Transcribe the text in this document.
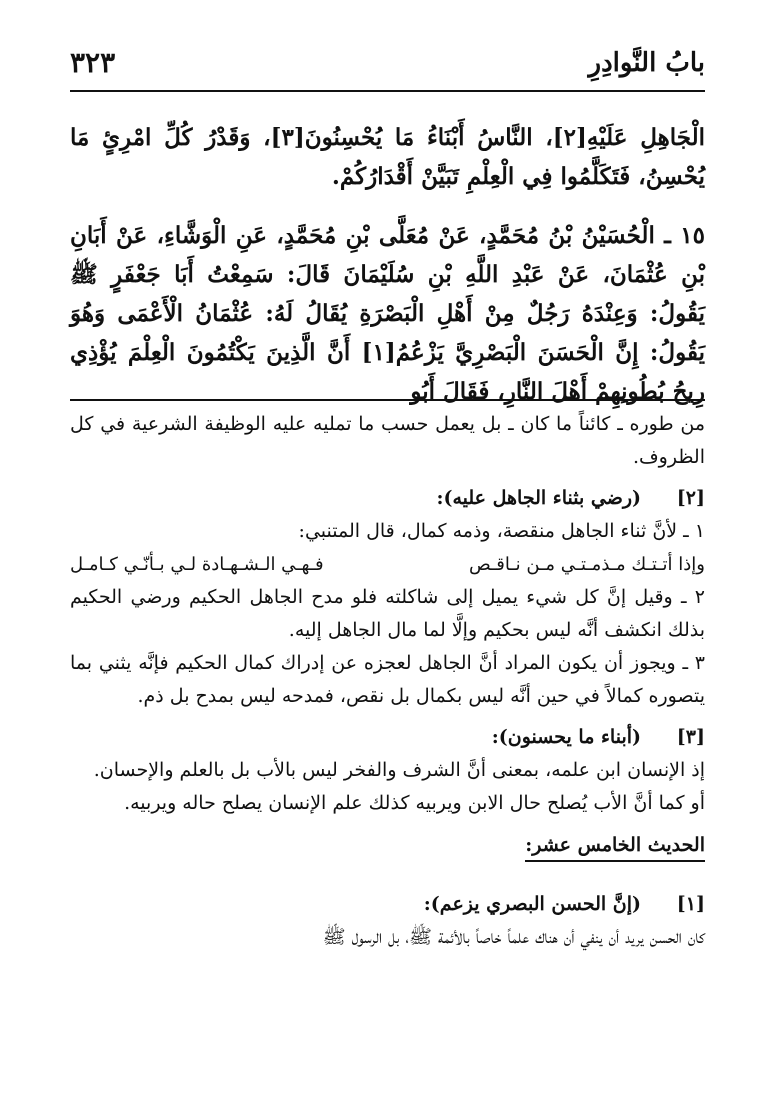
بابُ النَّوادِرِ
٣٢٣

الْجَاهِلِ عَلَيْهِ[٢]، النَّاسُ أَبْنَاءُ مَا يُحْسِنُونَ[٣]، وَقَدْرُ كُلِّ امْرِئٍ مَا يُحْسِنُ، فَتَكَلَّمُوا فِي الْعِلْمِ تَبَيَّنْ أَقْدَارُكُمْ.

١٥ ـ الْحُسَيْنُ بْنُ مُحَمَّدٍ، عَنْ مُعَلَّى بْنِ مُحَمَّدٍ، عَنِ الْوَشَّاءِ، عَنْ أَبَانِ بْنِ عُثْمَانَ، عَنْ عَبْدِ اللَّهِ بْنِ سُلَيْمَانَ قَالَ: سَمِعْتُ أَبَا جَعْفَرٍ ﷺ يَقُولُ: وَعِنْدَهُ رَجُلٌ مِنْ أَهْلِ الْبَصْرَةِ يُقَالُ لَهُ: عُثْمَانُ الْأَعْمَى وَهُوَ يَقُولُ: إِنَّ الْحَسَنَ الْبَصْرِيَّ يَزْعُمُ[١] أَنَّ الَّذِينَ يَكْتُمُونَ الْعِلْمَ يُؤْذِي رِيحُ بُطُونِهِمْ أَهْلَ النَّارِ، فَقَالَ أَبُو

من طوره ـ كائناً ما كان ـ بل يعمل حسب ما تمليه عليه الوظيفة الشرعية في كل الظروف.

[٢]
(رضي بثناء الجاهل عليه):

١ ـ لأنَّ ثناء الجاهل منقصة، وذمه كمال، قال المتنبي:

وإذا أتـتـك مـذمـتـي مـن نـاقـص
فـهـي الـشـهـادة لـي بـأنّـي كـامـل

٢ ـ وقيل إنَّ كل شيء يميل إلى شاكلته فلو مدح الجاهل الحكيم ورضي الحكيم بذلك انكشف أنَّه ليس بحكيم وإلَّا لما مال الجاهل إليه.

٣ ـ ويجوز أن يكون المراد أنَّ الجاهل لعجزه عن إدراك كمال الحكيم فإنَّه يثني بما يتصوره كمالاً في حين أنَّه ليس بكمال بل نقص، فمدحه ليس بمدح بل ذم.

[٣]
(أبناء ما يحسنون):

إذ الإنسان ابن علمه، بمعنى أنَّ الشرف والفخر ليس بالأب بل بالعلم والإحسان.

أو كما أنَّ الأب يُصلح حال الابن ويربيه كذلك علم الإنسان يصلح حاله ويربيه.

الحديث الخامس عشر:
[١]
(إنَّ الحسن البصري يزعم):

كان الحسن يريد أن ينفي أن هناك علماً خاصاً بالأئمة ﷺ، بل الرسول ﷺ
